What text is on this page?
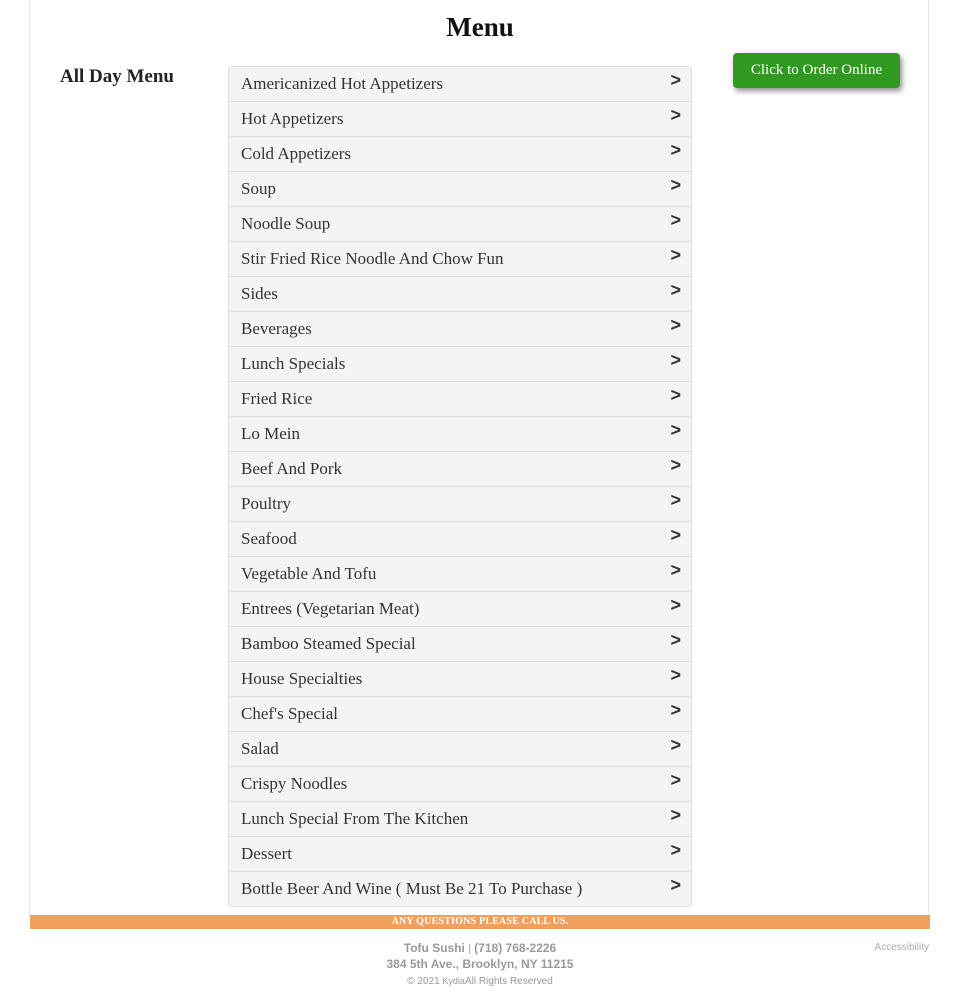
Menu
All Day Menu	Click to Order Online
Americanized Hot Appetizers	>
Hot Appetizers	>
Cold Appetizers	>
Soup	>
Noodle Soup	>
Stir Fried Rice Noodle And Chow Fun	>
Sides	>
Beverages	>
Lunch Specials	>
Fried Rice	>
Lo Mein	>
Beef And Pork	>
Poultry	>
Seafood	>
Vegetable And Tofu	>
Entrees (Vegetarian Meat)	>
Bamboo Steamed Special	>
House Specialties	>
Chef's Special	>
Salad	>
Crispy Noodles	>
Lunch Special From The Kitchen	>
Dessert	>
Bottle Beer And Wine ( Must Be 21 To Purchase )	>
ANY QUESTIONS PLEASE CALL US.
Tofu Sushi | (718) 768-2226
384 5th Ave., Brooklyn, NY 11215
© 2021 KydiaAll Rights Reserved
Accessibility
